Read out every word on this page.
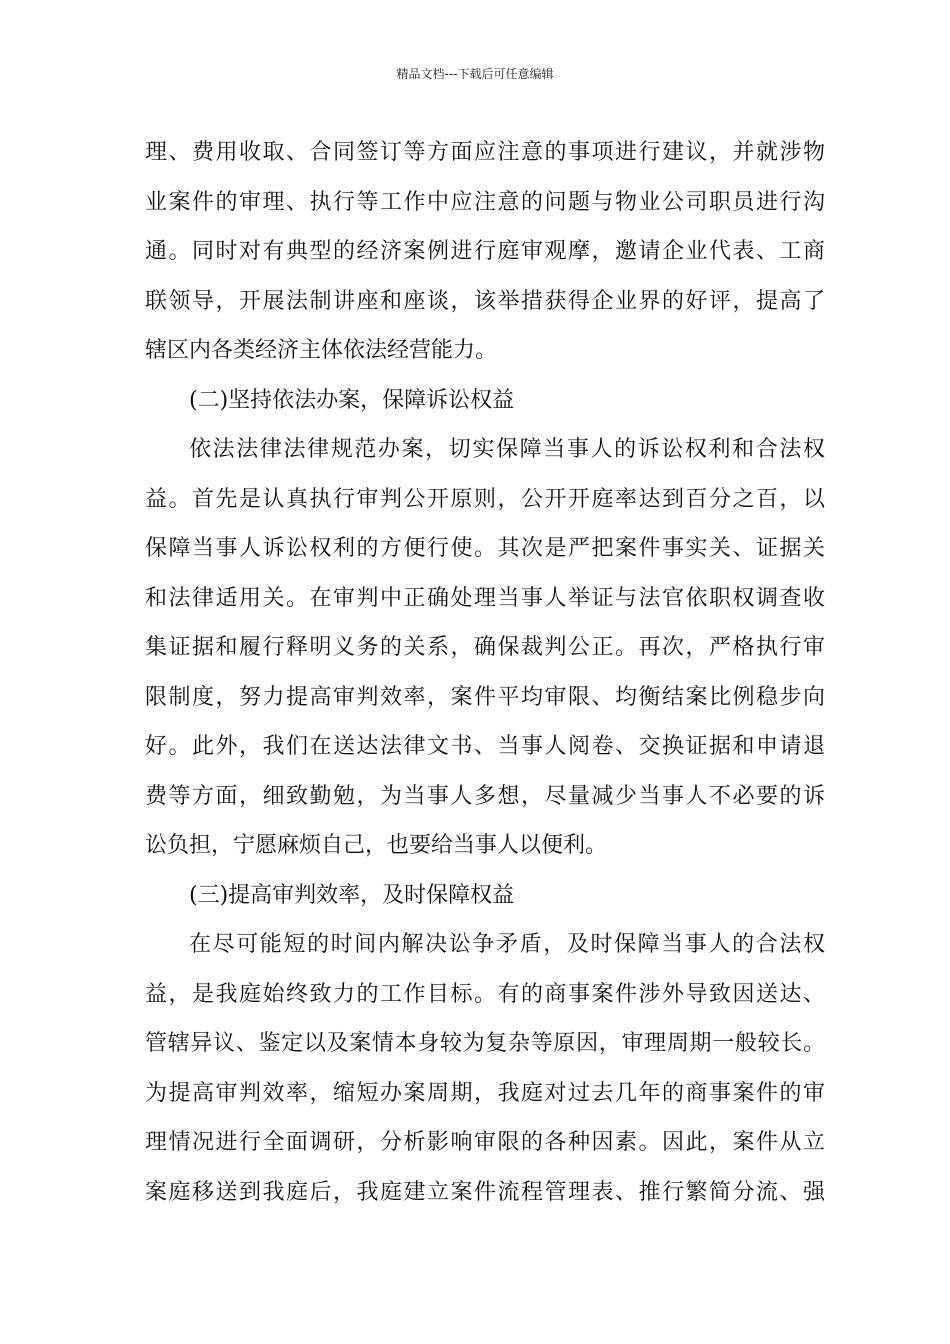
精品文档---下载后可任意编辑
理、费用收取、合同签订等方面应注意的事项进行建议，并就涉物
业案件的审理、执行等工作中应注意的问题与物业公司职员进行沟
通。同时对有典型的经济案例进行庭审观摩，邀请企业代表、工商
联领导，开展法制讲座和座谈，该举措获得企业界的好评，提高了
辖区内各类经济主体依法经营能力。
(二)坚持依法办案，保障诉讼权益
依法法律法律规范办案，切实保障当事人的诉讼权利和合法权
益。首先是认真执行审判公开原则，公开开庭率达到百分之百，以
保障当事人诉讼权利的方便行使。其次是严把案件事实关、证据关
和法律适用关。在审判中正确处理当事人举证与法官依职权调查收
集证据和履行释明义务的关系，确保裁判公正。再次，严格执行审
限制度，努力提高审判效率，案件平均审限、均衡结案比例稳步向
好。此外，我们在送达法律文书、当事人阅卷、交换证据和申请退
费等方面，细致勤勉，为当事人多想，尽量减少当事人不必要的诉
讼负担，宁愿麻烦自己，也要给当事人以便利。
(三)提高审判效率，及时保障权益
在尽可能短的时间内解决讼争矛盾，及时保障当事人的合法权
益，是我庭始终致力的工作目标。有的商事案件涉外导致因送达、
管辖异议、鉴定以及案情本身较为复杂等原因，审理周期一般较长。
为提高审判效率，缩短办案周期，我庭对过去几年的商事案件的审
理情况进行全面调研，分析影响审限的各种因素。因此，案件从立
案庭移送到我庭后，我庭建立案件流程管理表、推行繁简分流、强
